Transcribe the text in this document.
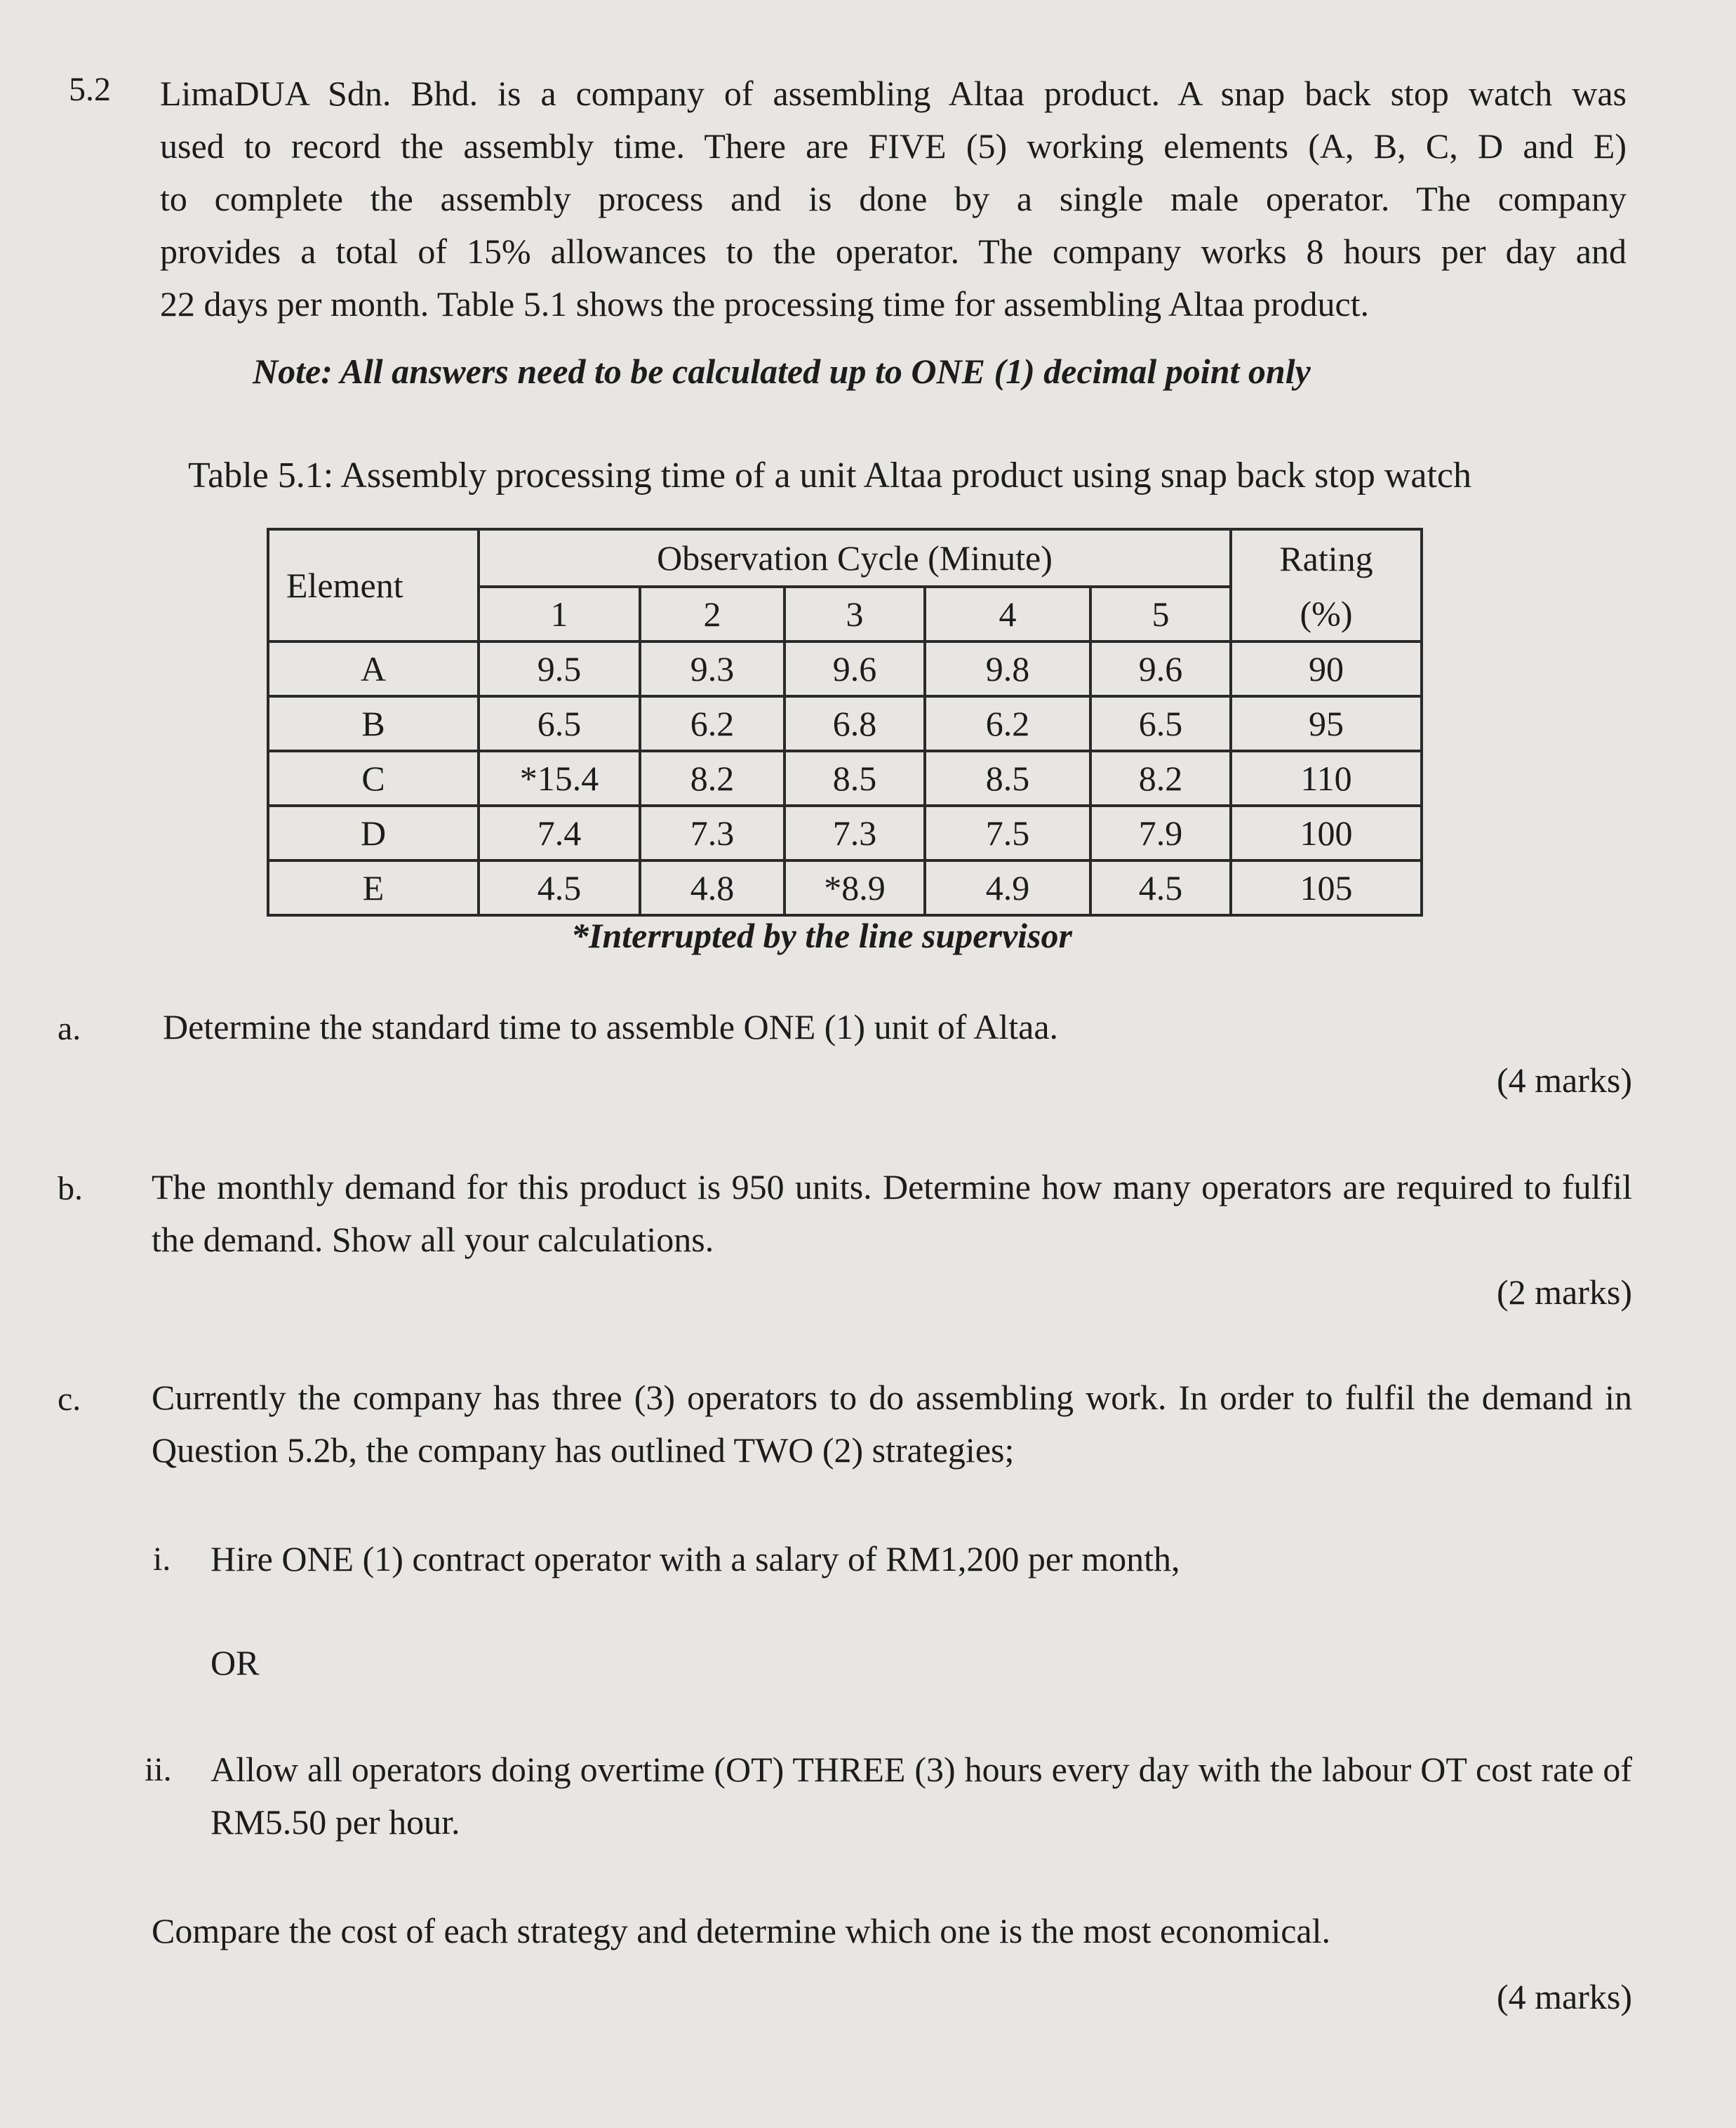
5.2 LimaDUA Sdn. Bhd. is a company of assembling Altaa product. A snap back stop watch was
used to record the assembly time. There are FIVE (5) working elements (A, B, C, D and E)
to complete the assembly process and is done by a single male operator. The company
provides a total of 15% allowances to the operator. The company works 8 hours per day and
22 days per month. Table 5.1 shows the processing time for assembling Altaa product.
Note: All answers need to be calculated up to ONE (1) decimal point only
Table 5.1: Assembly processing time of a unit Altaa product using snap back stop watch
Element	Observation Cycle (Minute)					Rating
	1	2	3	4	5	(%)
A	9.5	9.3	9.6	9.8	9.6	90
B	6.5	6.2	6.8	6.2	6.5	95
C	*15.4	8.2	8.5	8.5	8.2	110
D	7.4	7.3	7.3	7.5	7.9	100
E	4.5	4.8	*8.9	4.9	4.5	105
*Interrupted by the line supervisor
a. Determine the standard time to assemble ONE (1) unit of Altaa.
(4 marks)
b. The monthly demand for this product is 950 units. Determine how many operators are required to fulfil the demand. Show all your calculations.
(2 marks)
c. Currently the company has three (3) operators to do assembling work. In order to fulfil the demand in Question 5.2b, the company has outlined TWO (2) strategies;
i. Hire ONE (1) contract operator with a salary of RM1,200 per month,
OR
ii. Allow all operators doing overtime (OT) THREE (3) hours every day with the labour OT cost rate of RM5.50 per hour.
Compare the cost of each strategy and determine which one is the most economical.
(4 marks)
